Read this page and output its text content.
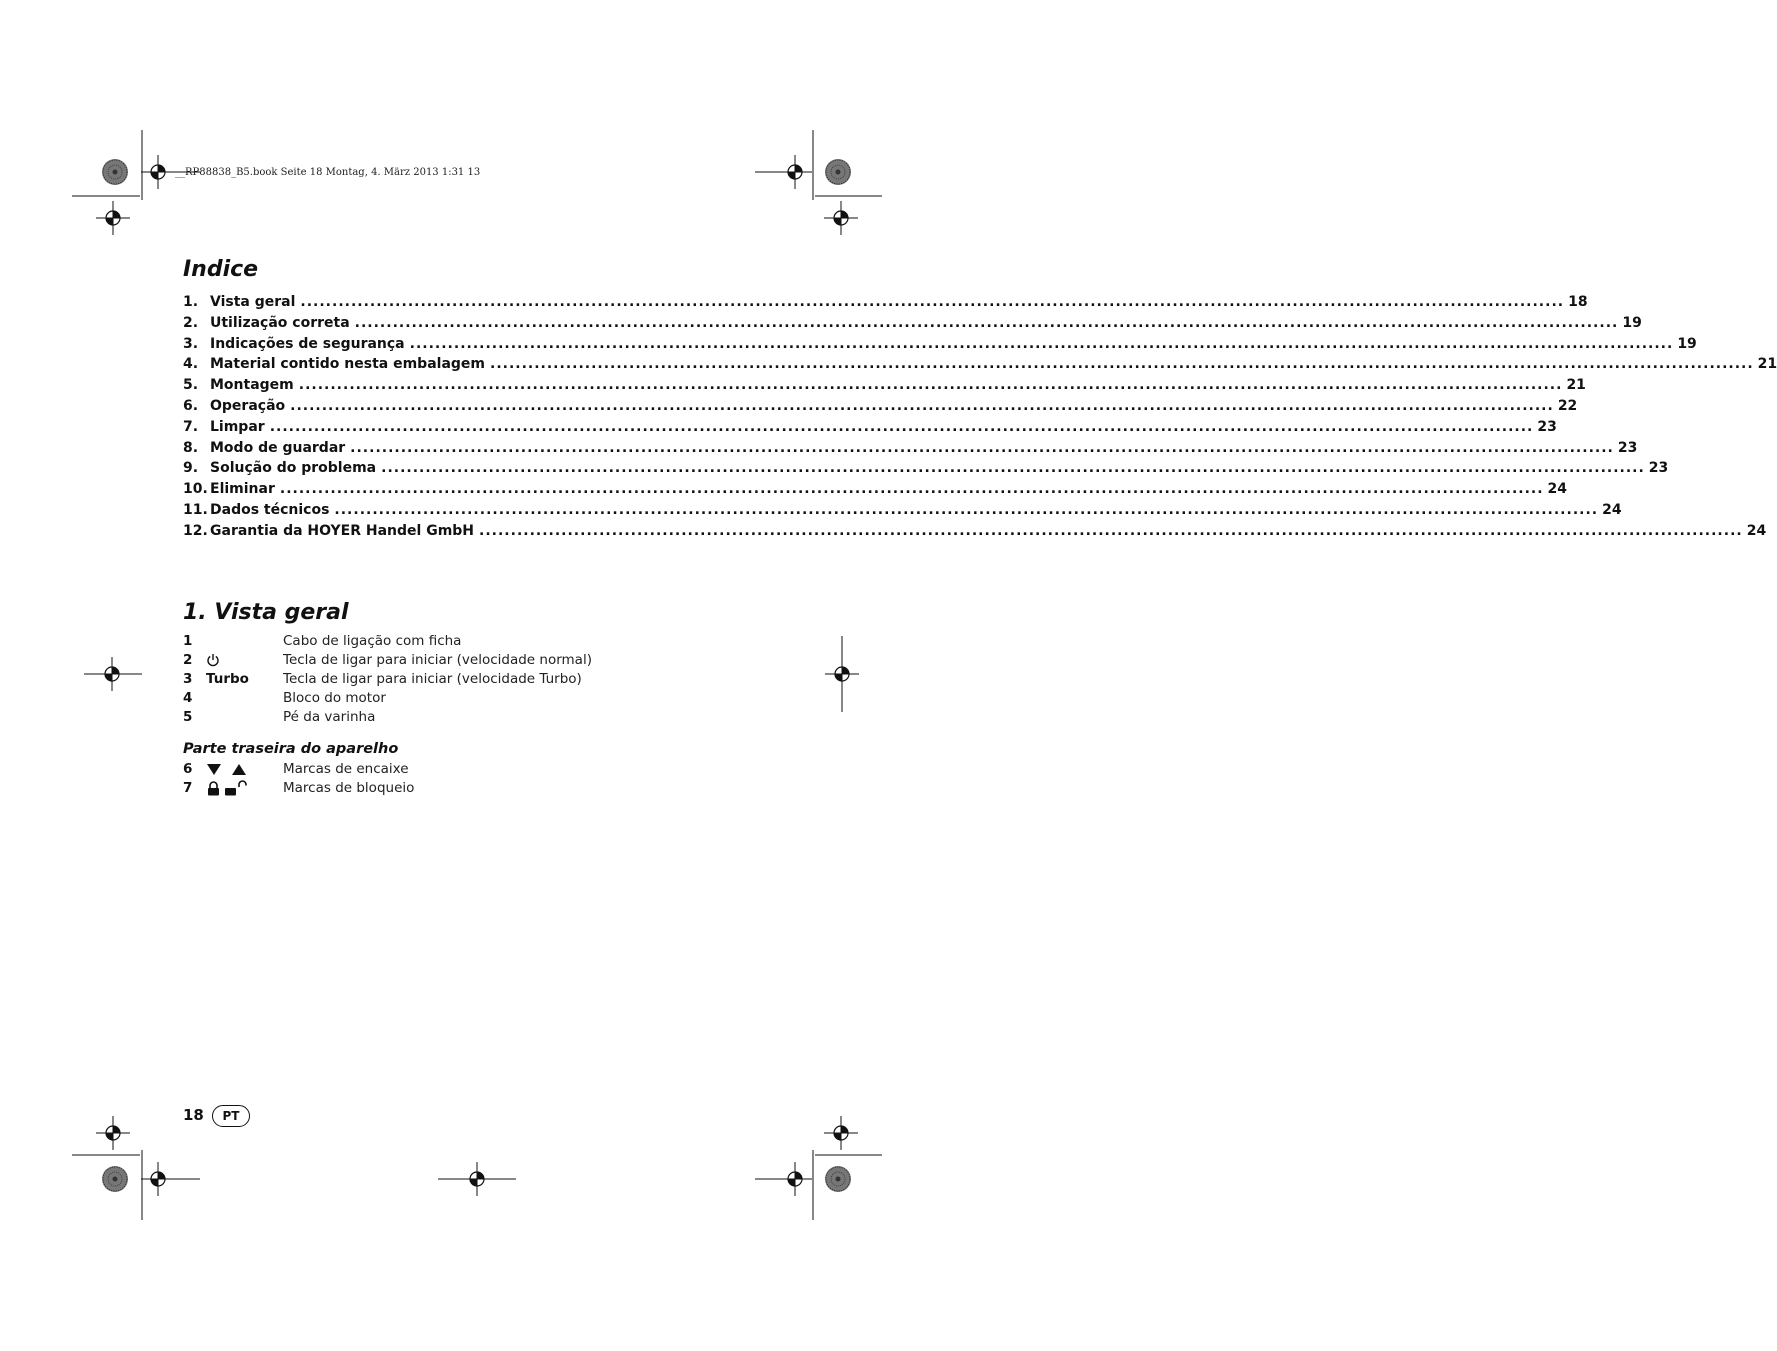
__RP88838_B5.book Seite 18 Montag, 4. März 2013 1:31 13
Indice
1. Vista geral ........................................................................................................................................................................................................ 18
2. Utilização correta ........................................................................................................................................................................................................ 19
3. Indicações de segurança ........................................................................................................................................................................................................ 19
4. Material contido nesta embalagem ........................................................................................................................................................................................................ 21
5. Montagem ........................................................................................................................................................................................................ 21
6. Operação ........................................................................................................................................................................................................ 22
7. Limpar ........................................................................................................................................................................................................ 23
8. Modo de guardar ........................................................................................................................................................................................................ 23
9. Solução do problema ........................................................................................................................................................................................................ 23
10. Eliminar ........................................................................................................................................................................................................ 24
11. Dados técnicos ........................................................................................................................................................................................................ 24
12. Garantia da HOYER Handel GmbH ........................................................................................................................................................................................................ 24
1. Vista geral
1	Cabo de ligação com ficha
2	Tecla de ligar para iniciar (velocidade normal)
3 Turbo	Tecla de ligar para iniciar (velocidade Turbo)
4	Bloco do motor
5	Pé da varinha
Parte traseira do aparelho
6	Marcas de encaixe
7	Marcas de bloqueio
18	PT
